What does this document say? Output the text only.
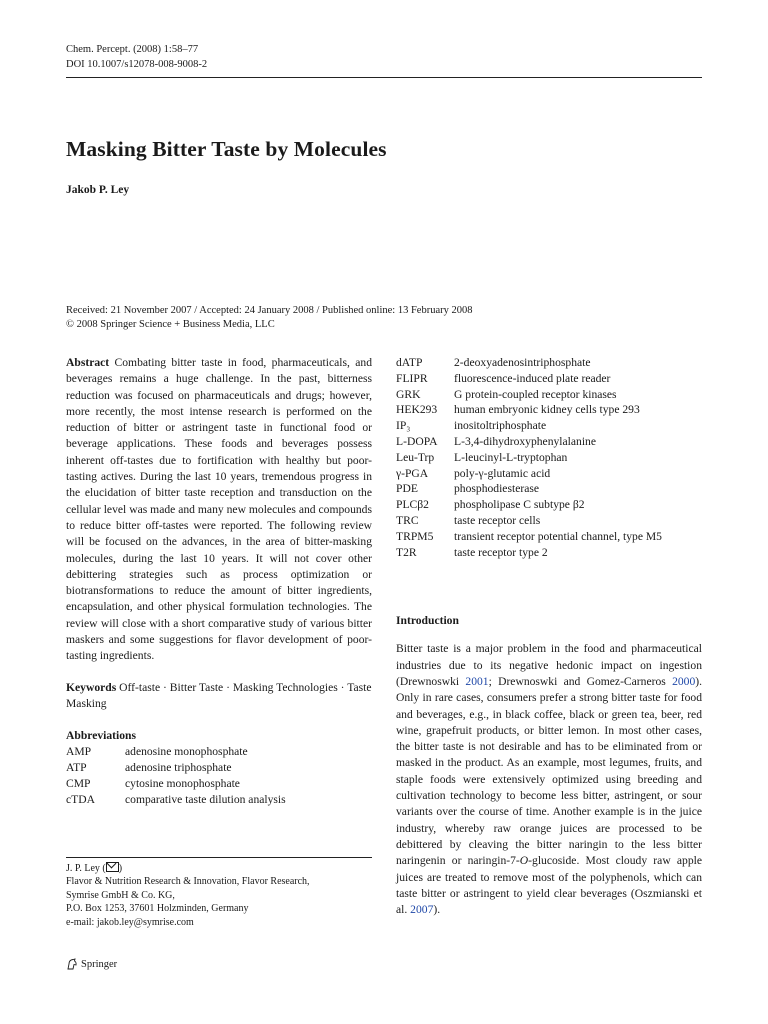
Chem. Percept. (2008) 1:58–77
DOI 10.1007/s12078-008-9008-2
Masking Bitter Taste by Molecules
Jakob P. Ley
Received: 21 November 2007 / Accepted: 24 January 2008 / Published online: 13 February 2008
© 2008 Springer Science + Business Media, LLC

Abstract Combating bitter taste in food, pharmaceuticals, and beverages remains a huge challenge. In the past, bitterness reduction was focused on pharmaceuticals and drugs; however, more recently, the most intense research is performed on the reduction of bitter or astringent taste in functional food or beverage applications. These foods and beverages possess inherent off-tastes due to fortification with healthy but poor-tasting actives. During the last 10 years, tremendous progress in the elucidation of bitter taste reception and transduction on the cellular level was made and many new molecules and compounds to reduce bitter off-tastes were reported. The following review will be focused on the advances, in the area of bitter-masking molecules, during the last 10 years. It will not cover other debittering strategies such as process optimization or biotransformations to reduce the amount of bitter ingredients, encapsulation, and other physical formulation technologies. The review will close with a short comparative study of various bitter maskers and some suggestions for flavor development of poor-tasting ingredients.

Keywords Off-taste · Bitter Taste · Masking Technologies · Taste Masking

Abbreviations
AMP	adenosine monophosphate
ATP	adenosine triphosphate
CMP	cytosine monophosphate
cTDA	comparative taste dilution analysis
J. P. Ley ( )
Flavor & Nutrition Research & Innovation, Flavor Research,
Symrise GmbH & Co. KG,
P.O. Box 1253, 37601 Holzminden, Germany
e-mail: jakob.ley@symrise.com
Springer
dATP	2-deoxyadenosintriphosphate
FLIPR	fluorescence-induced plate reader
GRK	G protein-coupled receptor kinases
HEK293	human embryonic kidney cells type 293
IP₃	inositoltriphosphate
L-DOPA	L-3,4-dihydroxyphenylalanine
Leu-Trp	L-leucinyl-L-tryptophan
γ-PGA	poly-γ-glutamic acid
PDE	phosphodiesterase
PLCβ2	phospholipase C subtype β2
TRC	taste receptor cells
TRPM5	transient receptor potential channel, type M5
T2R	taste receptor type 2
Introduction

Bitter taste is a major problem in the food and pharmaceutical industries due to its negative hedonic impact on ingestion (Drewnoswki 2001; Drewnoswki and Gomez-Carneros 2000). Only in rare cases, consumers prefer a strong bitter taste for food and beverages, e.g., in black coffee, black or green tea, beer, red wine, grapefruit products, or bitter lemon. In most other cases, the bitter taste is not desirable and has to be eliminated from or masked in the product. As an example, most legumes, fruits, and staple foods were extensively optimized using breeding and cultivation technology to become less bitter, astringent, or sour variants over the course of time. Another example is in the juice industry, whereby raw orange juices are processed to be debittered by cleaving the bitter naringin to the less bitter naringenin or naringin-7-O-glucoside. Most cloudy raw apple juices are treated to remove most of the polyphenols, which can taste bitter or astringent to yield clear beverages (Oszmianski et al. 2007).
